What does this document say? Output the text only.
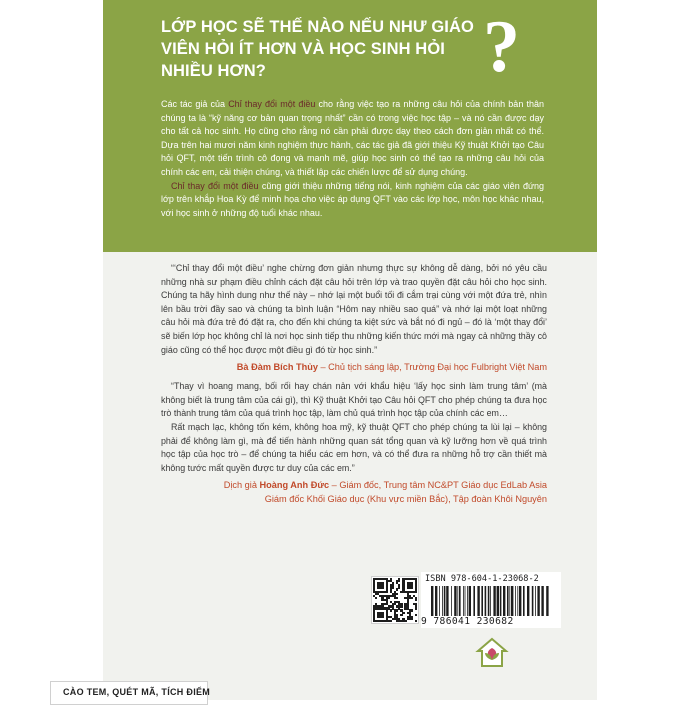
LỚP HỌC SẼ THẾ NÀO NẾU NHƯ GIÁO VIÊN HỎI ÍT HƠN VÀ HỌC SINH HỎI NHIỀU HƠN?	?

Các tác giả của Chỉ thay đổi một điều cho rằng việc tạo ra những câu hỏi của chính bản thân chúng ta là “kỹ năng cơ bản quan trọng nhất” cần có trong việc học tập – và nó cần được dạy cho tất cả học sinh. Họ cũng cho rằng nó cần phải được dạy theo cách đơn giản nhất có thể. Dựa trên hai mươi năm kinh nghiệm thực hành, các tác giả đã giới thiệu Kỹ thuật Khởi tạo Câu hỏi QFT, một tiến trình cô đọng và mạnh mẽ, giúp học sinh có thể tạo ra những câu hỏi của chính các em, cải thiện chúng, và thiết lập các chiến lược để sử dụng chúng.

Chỉ thay đổi một điều cũng giới thiệu những tiếng nói, kinh nghiệm của các giáo viên đứng lớp trên khắp Hoa Kỳ để minh họa cho việc áp dụng QFT vào các lớp học, môn học khác nhau, với học sinh ở những độ tuổi khác nhau.

“‘Chỉ thay đổi một điều’ nghe chừng đơn giản nhưng thực sự không dễ dàng, bởi nó yêu cầu những nhà sư phạm điều chỉnh cách đặt câu hỏi trên lớp và trao quyền đặt câu hỏi cho học sinh. Chúng ta hãy hình dung như thế này – nhớ lại một buổi tối đi cắm trại cùng với một đứa trẻ, nhìn lên bầu trời đầy sao và chúng ta bình luận “Hôm nay nhiều sao quá” và nhớ lại một loạt những câu hỏi mà đứa trẻ đó đặt ra, cho đến khi chúng ta kiệt sức và bắt nó đi ngủ – đó là ‘một thay đổi’ sẽ biến lớp học không chỉ là nơi học sinh tiếp thu những kiến thức mới mà ngay cả những thầy cô giáo cũng có thể học được một điều gì đó từ học sinh.”

Bà Đàm Bích Thủy – Chủ tịch sáng lập, Trường Đại học Fulbright Việt Nam

“Thay vì hoang mang, bối rối hay chán nản với khẩu hiệu ‘lấy học sinh làm trung tâm’ (mà không biết là trung tâm của cái gì), thì Kỹ thuật Khởi tạo Câu hỏi QFT cho phép chúng ta đưa học trò thành trung tâm của quá trình học tập, làm chủ quá trình học tập của chính các em…

Rất mạch lạc, không tốn kém, không hoa mỹ, kỹ thuật QFT cho phép chúng ta lùi lại – không phải để không làm gì, mà để tiến hành những quan sát tổng quan và kỹ lưỡng hơn về quá trình học tập của học trò – để chúng ta hiểu các em hơn, và có thể đưa ra những hỗ trợ cần thiết mà không tước mất quyền được tư duy của các em.”

Dịch giả Hoàng Anh Đức – Giám đốc, Trung tâm NC&PT Giáo dục EdLab Asia
Giám đốc Khối Giáo dục (Khu vực miền Bắc), Tập đoàn Khôi Nguyên
ISBN 978-604-1-23068-2
9 786041 230682
CÀO TEM, QUÉT MÃ, TÍCH ĐIỂM
